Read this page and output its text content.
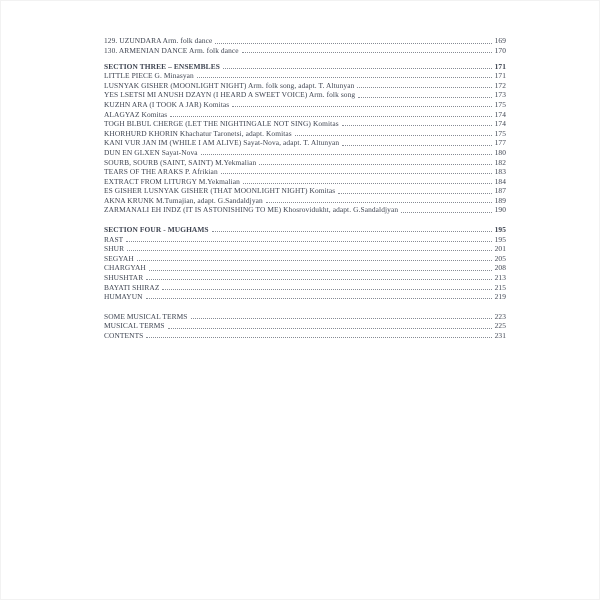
129. UZUNDARA Arm. folk dance	169
130. ARMENIAN DANCE Arm. folk dance	170
SECTION THREE – ENSEMBLES	171
LITTLE PIECE G. Minasyan	171
LUSNYAK GISHER (MOONLIGHT NIGHT) Arm. folk song, adapt. T. Altunyan	172
YES LSETSI MI ANUSH DZAYN (I HEARD A SWEET VOICE) Arm. folk song	173
KUZHN ARA (I TOOK A JAR) Komitas	175
ALAGYAZ Komitas	174
TOGH BLBUL CHERGE (LET THE NIGHTINGALE NOT SING) Komitas	174
KHORHURD KHORIN Khachatur Taronetsi, adapt. Komitas	175
KANI VUR JAN IM (WHILE I AM ALIVE) Sayat-Nova, adapt. T. Altunyan	177
DUN EN GLXEN Sayat-Nova	180
SOURB, SOURB (SAINT, SAINT) M.Yekmalian	182
TEARS OF THE ARAKS P. Afrikian	183
EXTRACT FROM LITURGY M.Yekmalian	184
ES GISHER LUSNYAK GISHER (THAT MOONLIGHT NIGHT) Komitas	187
AKNA KRUNK M.Tumajian, adapt. G.Sandaldjyan	189
ZARMANALI EH INDZ (IT IS ASTONISHING TO ME) Khosrovidukht, adapt. G.Sandaldjyan	190
SECTION FOUR - MUGHAMS	195
RAST	195
SHUR	201
SEGYAH	205
CHARGYAH	208
SHUSHTAR	213
BAYATI SHIRAZ	215
HUMAYUN	219
SOME MUSICAL TERMS	223
MUSICAL TERMS	225
CONTENTS	231
